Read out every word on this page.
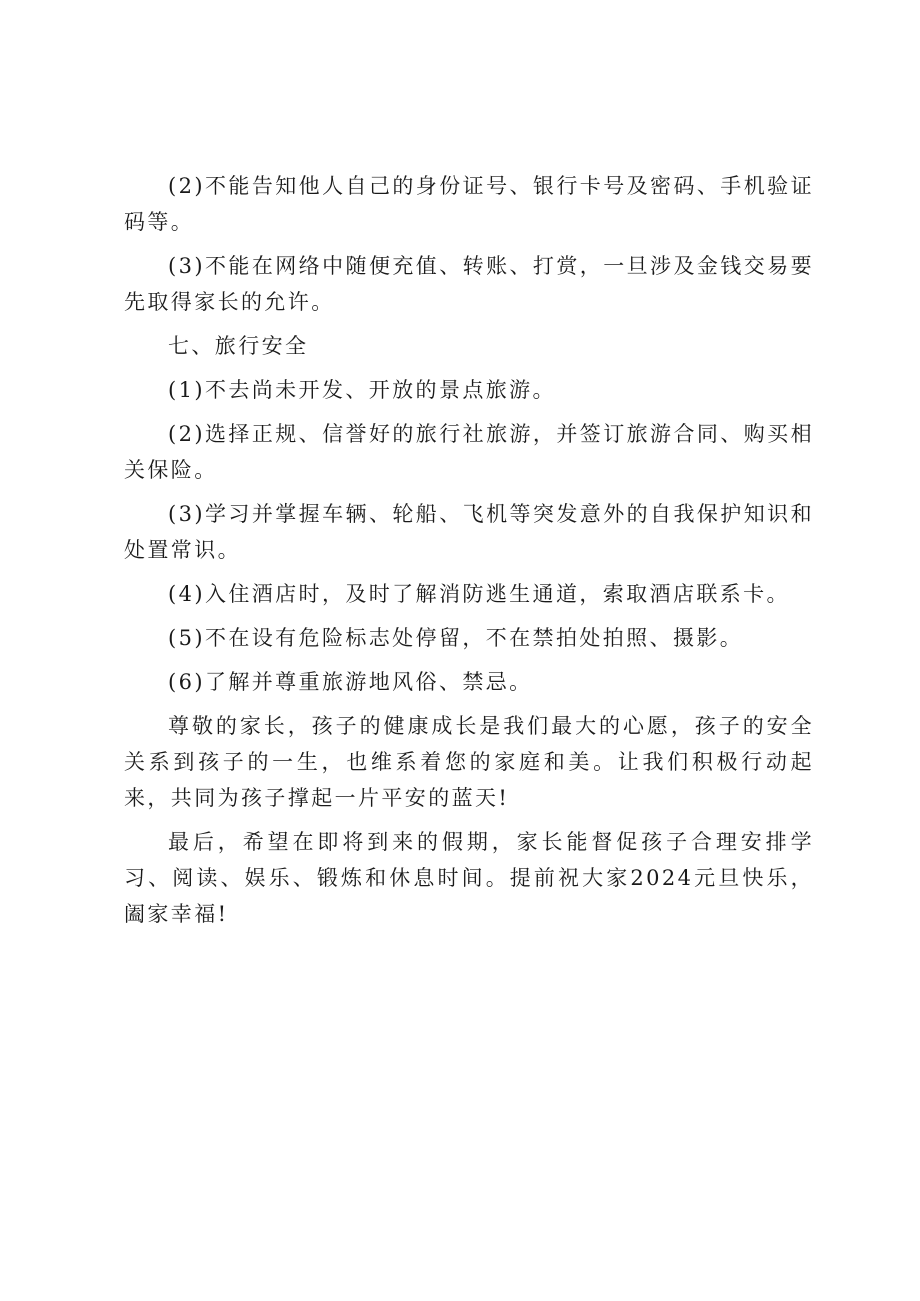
(2)不能告知他人自己的身份证号、银行卡号及密码、手机验证码等。

(3)不能在网络中随便充值、转账、打赏，一旦涉及金钱交易要先取得家长的允许。

七、旅行安全

(1)不去尚未开发、开放的景点旅游。

(2)选择正规、信誉好的旅行社旅游，并签订旅游合同、购买相关保险。

(3)学习并掌握车辆、轮船、飞机等突发意外的自我保护知识和处置常识。

(4)入住酒店时，及时了解消防逃生通道，索取酒店联系卡。

(5)不在设有危险标志处停留，不在禁拍处拍照、摄影。

(6)了解并尊重旅游地风俗、禁忌。

尊敬的家长，孩子的健康成长是我们最大的心愿，孩子的安全关系到孩子的一生，也维系着您的家庭和美。让我们积极行动起来，共同为孩子撑起一片平安的蓝天!

最后，希望在即将到来的假期，家长能督促孩子合理安排学习、阅读、娱乐、锻炼和休息时间。提前祝大家2024元旦快乐，阖家幸福!
